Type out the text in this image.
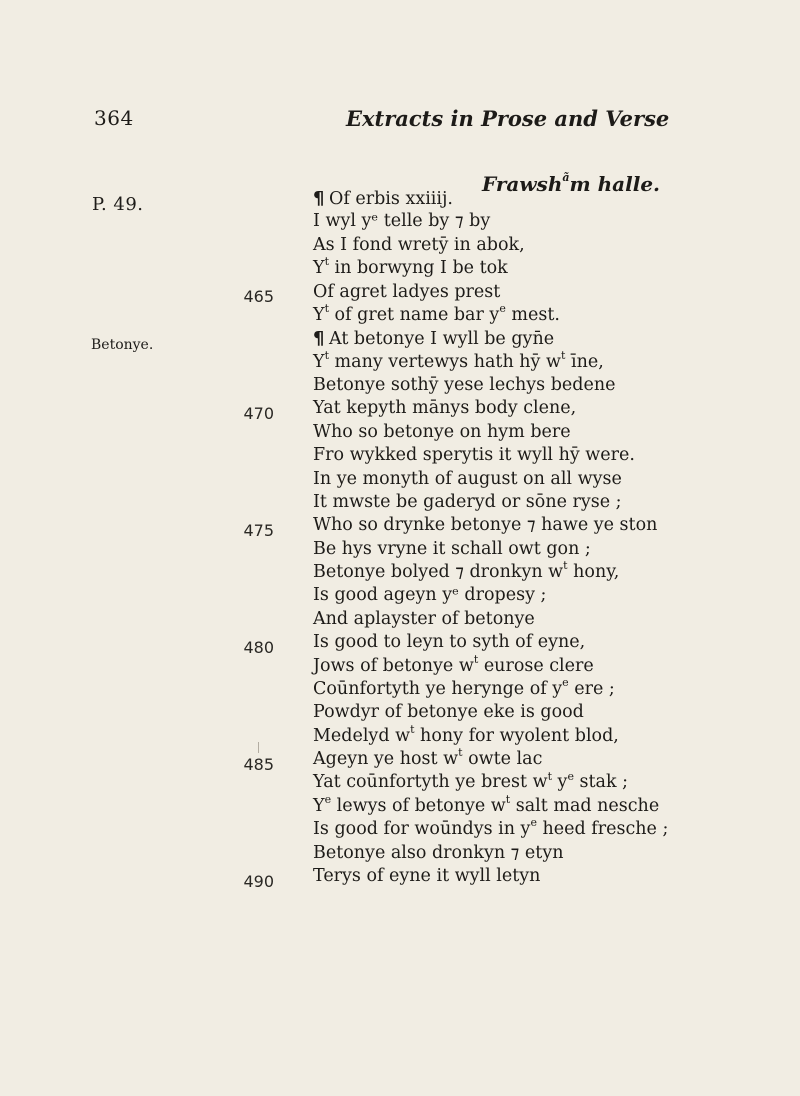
364	Extracts in Prose and Verse
Frawsh$^{ã}$m halle.
P. 49.
Betonye.
465
470
475
480
485
490
¶ Of erbis xxiiij.
I wyl yᵉ telle by ⁊ by
As I fond wretȳ in abok,
$Y^t$ in borwyng I be tok
Of agret ladyes prest
$Y^t$ of gret name bar $y^e$ mest.
¶ At betonye I wyll be gyn̄e
$Y^t$ many vertewys hath hȳ $w^t$ īne,
Betonye sothȳ yese lechys bedene
Yat kepyth mānys body clene,
Who so betonye on hym bere
Fro wykked sperytis it wyll hȳ were.
In ye monyth of august on all wyse
It mwste be gaderyd or sōne ryse ;
Who so drynke betonye ⁊ hawe ye ston
Be hys vryne it schall owt gon ;
Betonye bolyed ⁊ dronkyn $w^t$ hony,
Is good ageyn yᵉ dropesy ;
And aplayster of betonye
Is good to leyn to syth of eyne,
Jows of betonye $w^t$ eurose clere
Coūnfortyth ye herynge of $y^e$ ere ;
Powdyr of betonye eke is good
Medelyd $w^t$ hony for wyolent blod,
Ageyn ye host $w^t$ owte lac
Yat coūnfortyth ye brest $w^t$ $y^e$ stak ;
$Y^e$ lewys of betonye $w^t$ salt mad nesche
Is good for woūndys in $y^e$ heed fresche ;
Betonye also dronkyn ⁊ etyn
Terys of eyne it wyll letyn
